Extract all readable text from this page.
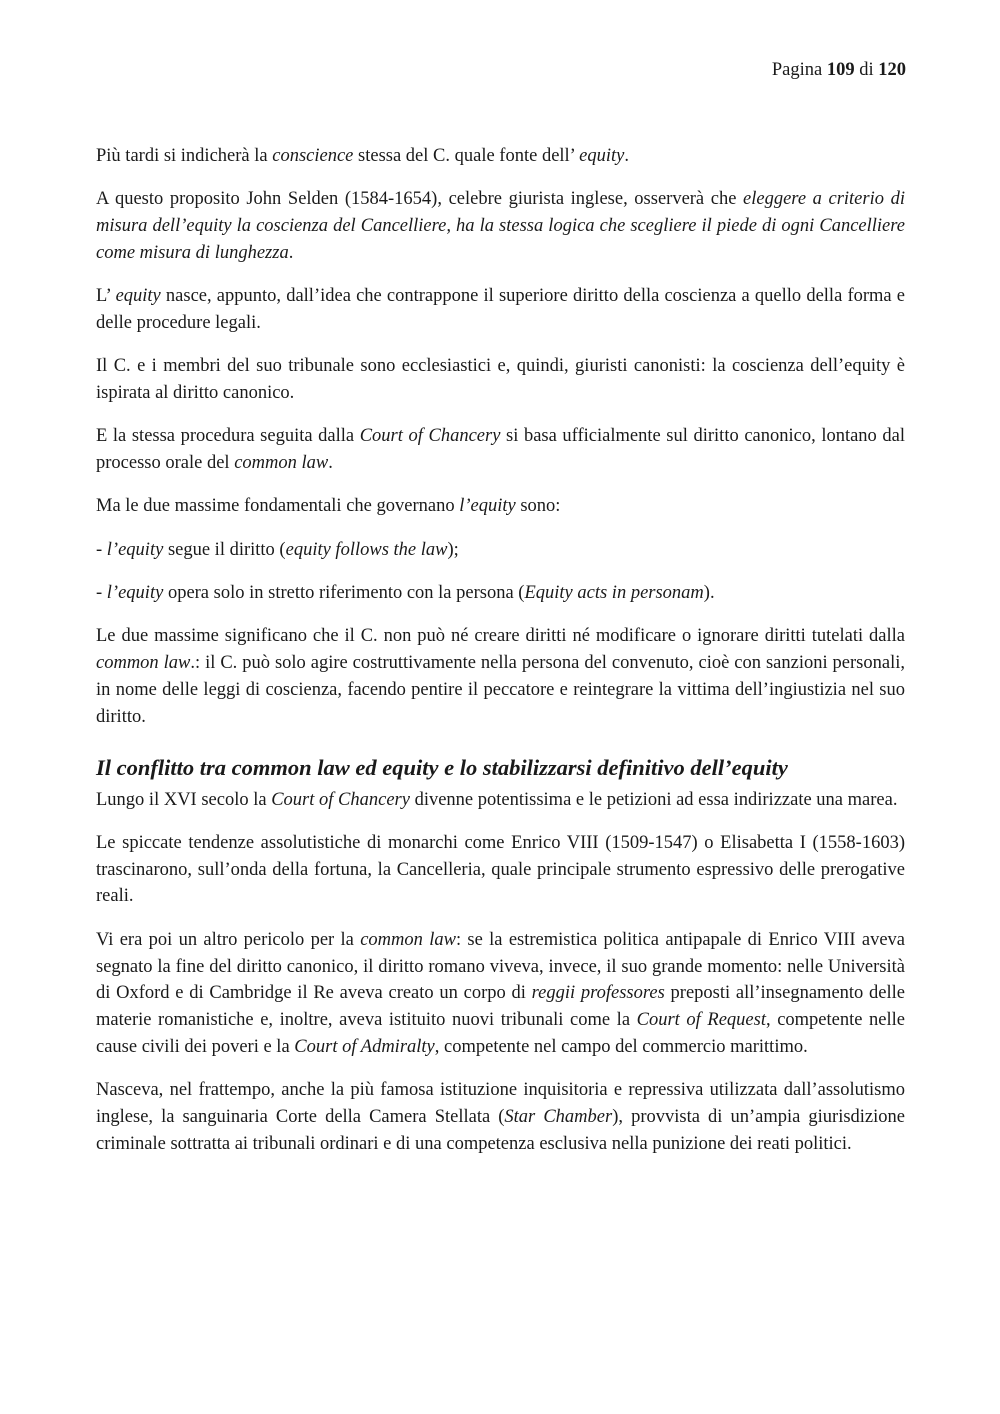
Pagina 109 di 120

Più tardi si indicherà la conscience stessa del C. quale fonte dell’ equity.

A questo proposito John Selden (1584-1654), celebre giurista inglese, osserverà che eleggere a criterio di misura dell’equity la coscienza del Cancelliere, ha la stessa logica che scegliere il piede di ogni Cancelliere come misura di lunghezza.

L’ equity nasce, appunto, dall’idea che contrappone il superiore diritto della coscienza a quello della forma e delle procedure legali.

Il C. e i membri del suo tribunale sono ecclesiastici e, quindi, giuristi canonisti: la coscienza dell’equity è ispirata al diritto canonico.

E la stessa procedura seguita dalla Court of Chancery si basa ufficialmente sul diritto canonico, lontano dal processo orale del common law.

Ma le due massime fondamentali che governano l’equity sono:

- l’equity segue il diritto (equity follows the law);

- l’equity opera solo in stretto riferimento con la persona (Equity acts in personam).

Le due massime significano che il C. non può né creare diritti né modificare o ignorare diritti tutelati dalla common law.: il C. può solo agire costruttivamente nella persona del convenuto, cioè con sanzioni personali, in nome delle leggi di coscienza, facendo pentire il peccatore e reintegrare la vittima dell’ingiustizia nel suo diritto.

Il conflitto tra common law ed equity e lo stabilizzarsi definitivo dell’equity

Lungo il XVI secolo la Court of Chancery divenne potentissima e le petizioni ad essa indirizzate una marea.

Le spiccate tendenze assolutistiche di monarchi come Enrico VIII (1509-1547) o Elisabetta I (1558-1603) trascinarono, sull’onda della fortuna, la Cancelleria, quale principale strumento espressivo delle prerogative reali.

Vi era poi un altro pericolo per la common law: se la estremistica politica antipapale di Enrico VIII aveva segnato la fine del diritto canonico, il diritto romano viveva, invece, il suo grande momento: nelle Università di Oxford e di Cambridge il Re aveva creato un corpo di reggii professores preposti all’insegnamento delle materie romanistiche e, inoltre, aveva istituito nuovi tribunali come la Court of Request, competente nelle cause civili dei poveri e la Court of Admiralty, competente nel campo del commercio marittimo.

Nasceva, nel frattempo, anche la più famosa istituzione inquisitoria e repressiva utilizzata dall’assolutismo inglese, la sanguinaria Corte della Camera Stellata (Star Chamber), provvista di un’ampia giurisdizione criminale sottratta ai tribunali ordinari e di una competenza esclusiva nella punizione dei reati politici.
